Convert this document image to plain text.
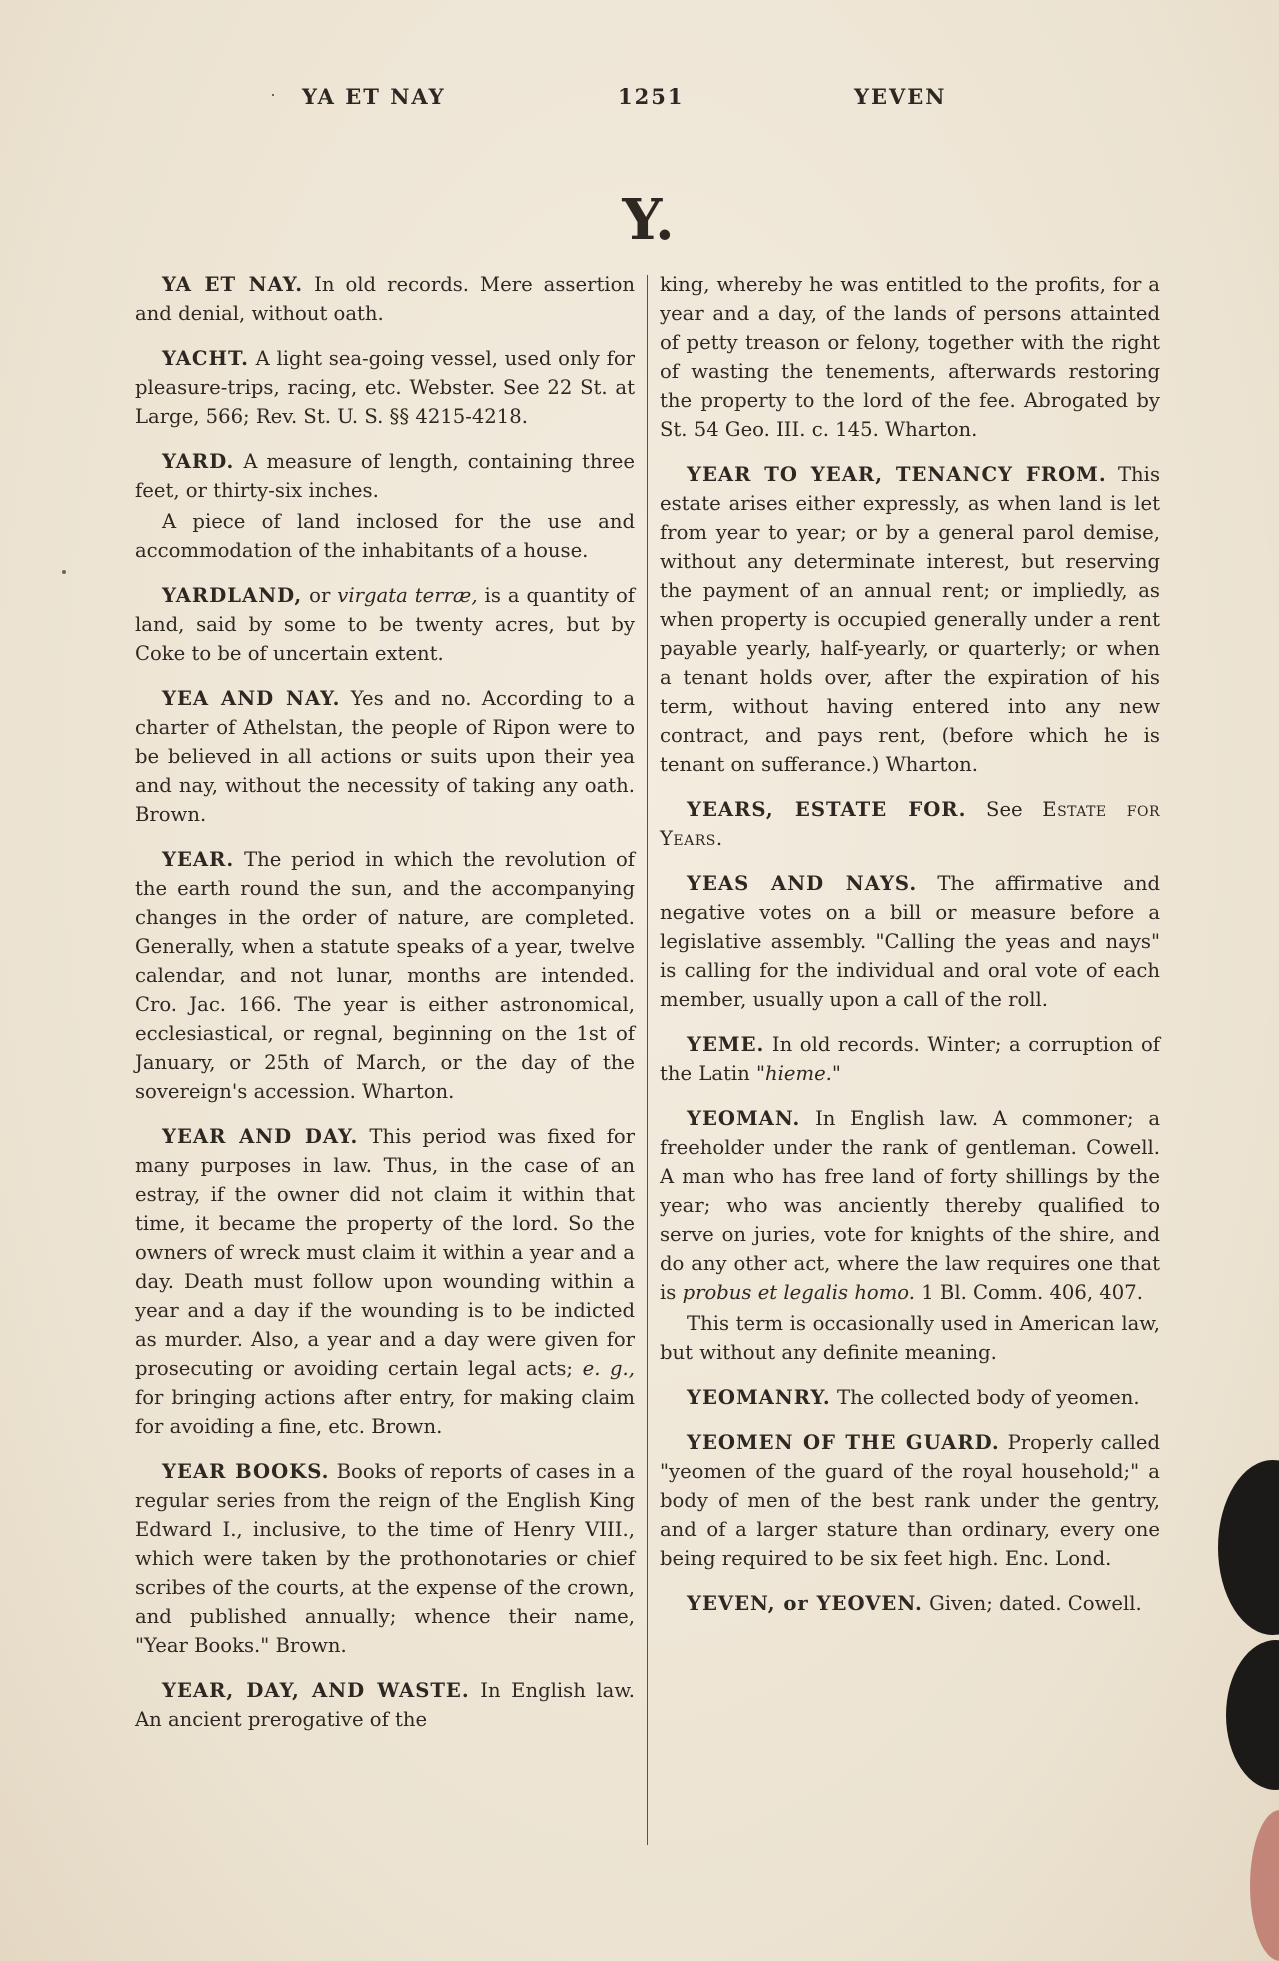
YA ET NAY	1251	YEVEN
Y.

YA ET NAY. In old records. Mere assertion and denial, without oath.

YACHT. A light sea-going vessel, used only for pleasure-trips, racing, etc. Webster. See 22 St. at Large, 566; Rev. St. U. S. §§ 4215-4218.

YARD. A measure of length, containing three feet, or thirty-six inches.

A piece of land inclosed for the use and accommodation of the inhabitants of a house.

YARDLAND, or virgata terræ, is a quantity of land, said by some to be twenty acres, but by Coke to be of uncertain extent.

YEA AND NAY. Yes and no. According to a charter of Athelstan, the people of Ripon were to be believed in all actions or suits upon their yea and nay, without the necessity of taking any oath. Brown.

YEAR. The period in which the revolution of the earth round the sun, and the accompanying changes in the order of nature, are completed. Generally, when a statute speaks of a year, twelve calendar, and not lunar, months are intended. Cro. Jac. 166. The year is either astronomical, ecclesiastical, or regnal, beginning on the 1st of January, or 25th of March, or the day of the sovereign's accession. Wharton.

YEAR AND DAY. This period was fixed for many purposes in law. Thus, in the case of an estray, if the owner did not claim it within that time, it became the property of the lord. So the owners of wreck must claim it within a year and a day. Death must follow upon wounding within a year and a day if the wounding is to be indicted as murder. Also, a year and a day were given for prosecuting or avoiding certain legal acts; e. g., for bringing actions after entry, for making claim for avoiding a fine, etc. Brown.

YEAR BOOKS. Books of reports of cases in a regular series from the reign of the English King Edward I., inclusive, to the time of Henry VIII., which were taken by the prothonotaries or chief scribes of the courts, at the expense of the crown, and published annually; whence their name, "Year Books." Brown.

YEAR, DAY, AND WASTE. In English law. An ancient prerogative of the

king, whereby he was entitled to the profits, for a year and a day, of the lands of persons attainted of petty treason or felony, together with the right of wasting the tenements, afterwards restoring the property to the lord of the fee. Abrogated by St. 54 Geo. III. c. 145. Wharton.

YEAR TO YEAR, TENANCY FROM. This estate arises either expressly, as when land is let from year to year; or by a general parol demise, without any determinate interest, but reserving the payment of an annual rent; or impliedly, as when property is occupied generally under a rent payable yearly, half-yearly, or quarterly; or when a tenant holds over, after the expiration of his term, without having entered into any new contract, and pays rent, (before which he is tenant on sufferance.) Wharton.

YEARS, ESTATE FOR. See Estate for Years.

YEAS AND NAYS. The affirmative and negative votes on a bill or measure before a legislative assembly. "Calling the yeas and nays" is calling for the individual and oral vote of each member, usually upon a call of the roll.

YEME. In old records. Winter; a corruption of the Latin "hieme."

YEOMAN. In English law. A commoner; a freeholder under the rank of gentleman. Cowell. A man who has free land of forty shillings by the year; who was anciently thereby qualified to serve on juries, vote for knights of the shire, and do any other act, where the law requires one that is probus et legalis homo. 1 Bl. Comm. 406, 407.

This term is occasionally used in American law, but without any definite meaning.

YEOMANRY. The collected body of yeomen.

YEOMEN OF THE GUARD. Properly called "yeomen of the guard of the royal household;" a body of men of the best rank under the gentry, and of a larger stature than ordinary, every one being required to be six feet high. Enc. Lond.

YEVEN, or YEOVEN. Given; dated. Cowell.
